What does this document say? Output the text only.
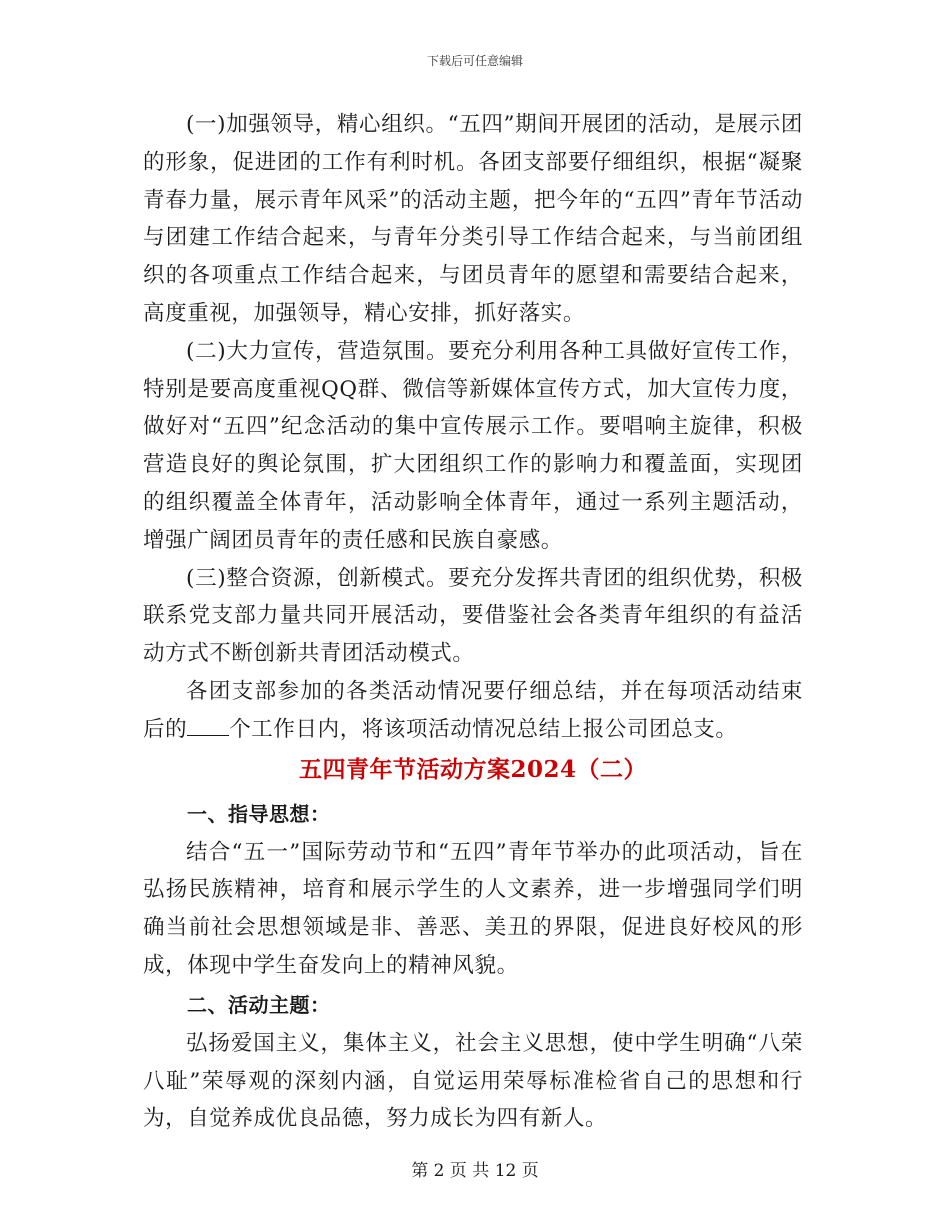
下载后可任意编辑

(一)加强领导，精心组织。“五四”期间开展团的活动，是展示团的形象，促进团的工作有利时机。各团支部要仔细组织，根据“凝聚青春力量，展示青年风采”的活动主题，把今年的“五四”青年节活动与团建工作结合起来，与青年分类引导工作结合起来，与当前团组织的各项重点工作结合起来，与团员青年的愿望和需要结合起来，高度重视，加强领导，精心安排，抓好落实。

(二)大力宣传，营造氛围。要充分利用各种工具做好宣传工作，特别是要高度重视QQ群、微信等新媒体宣传方式，加大宣传力度，做好对“五四”纪念活动的集中宣传展示工作。要唱响主旋律，积极营造良好的舆论氛围，扩大团组织工作的影响力和覆盖面，实现团的组织覆盖全体青年，活动影响全体青年，通过一系列主题活动，增强广阔团员青年的责任感和民族自豪感。

(三)整合资源，创新模式。要充分发挥共青团的组织优势，积极联系党支部力量共同开展活动，要借鉴社会各类青年组织的有益活动方式不断创新共青团活动模式。

各团支部参加的各类活动情况要仔细总结，并在每项活动结束后的 个工作日内，将该项活动情况总结上报公司团总支。

五四青年节活动方案2024（二）
一、指导思想：

结合“五一”国际劳动节和“五四”青年节举办的此项活动，旨在弘扬民族精神，培育和展示学生的人文素养，进一步增强同学们明确当前社会思想领域是非、善恶、美丑的界限，促进良好校风的形成，体现中学生奋发向上的精神风貌。

二、活动主题：

弘扬爱国主义，集体主义，社会主义思想，使中学生明确“八荣八耻”荣辱观的深刻内涵，自觉运用荣辱标准检省自己的思想和行为，自觉养成优良品德，努力成长为四有新人。

第 2 页 共 12 页
